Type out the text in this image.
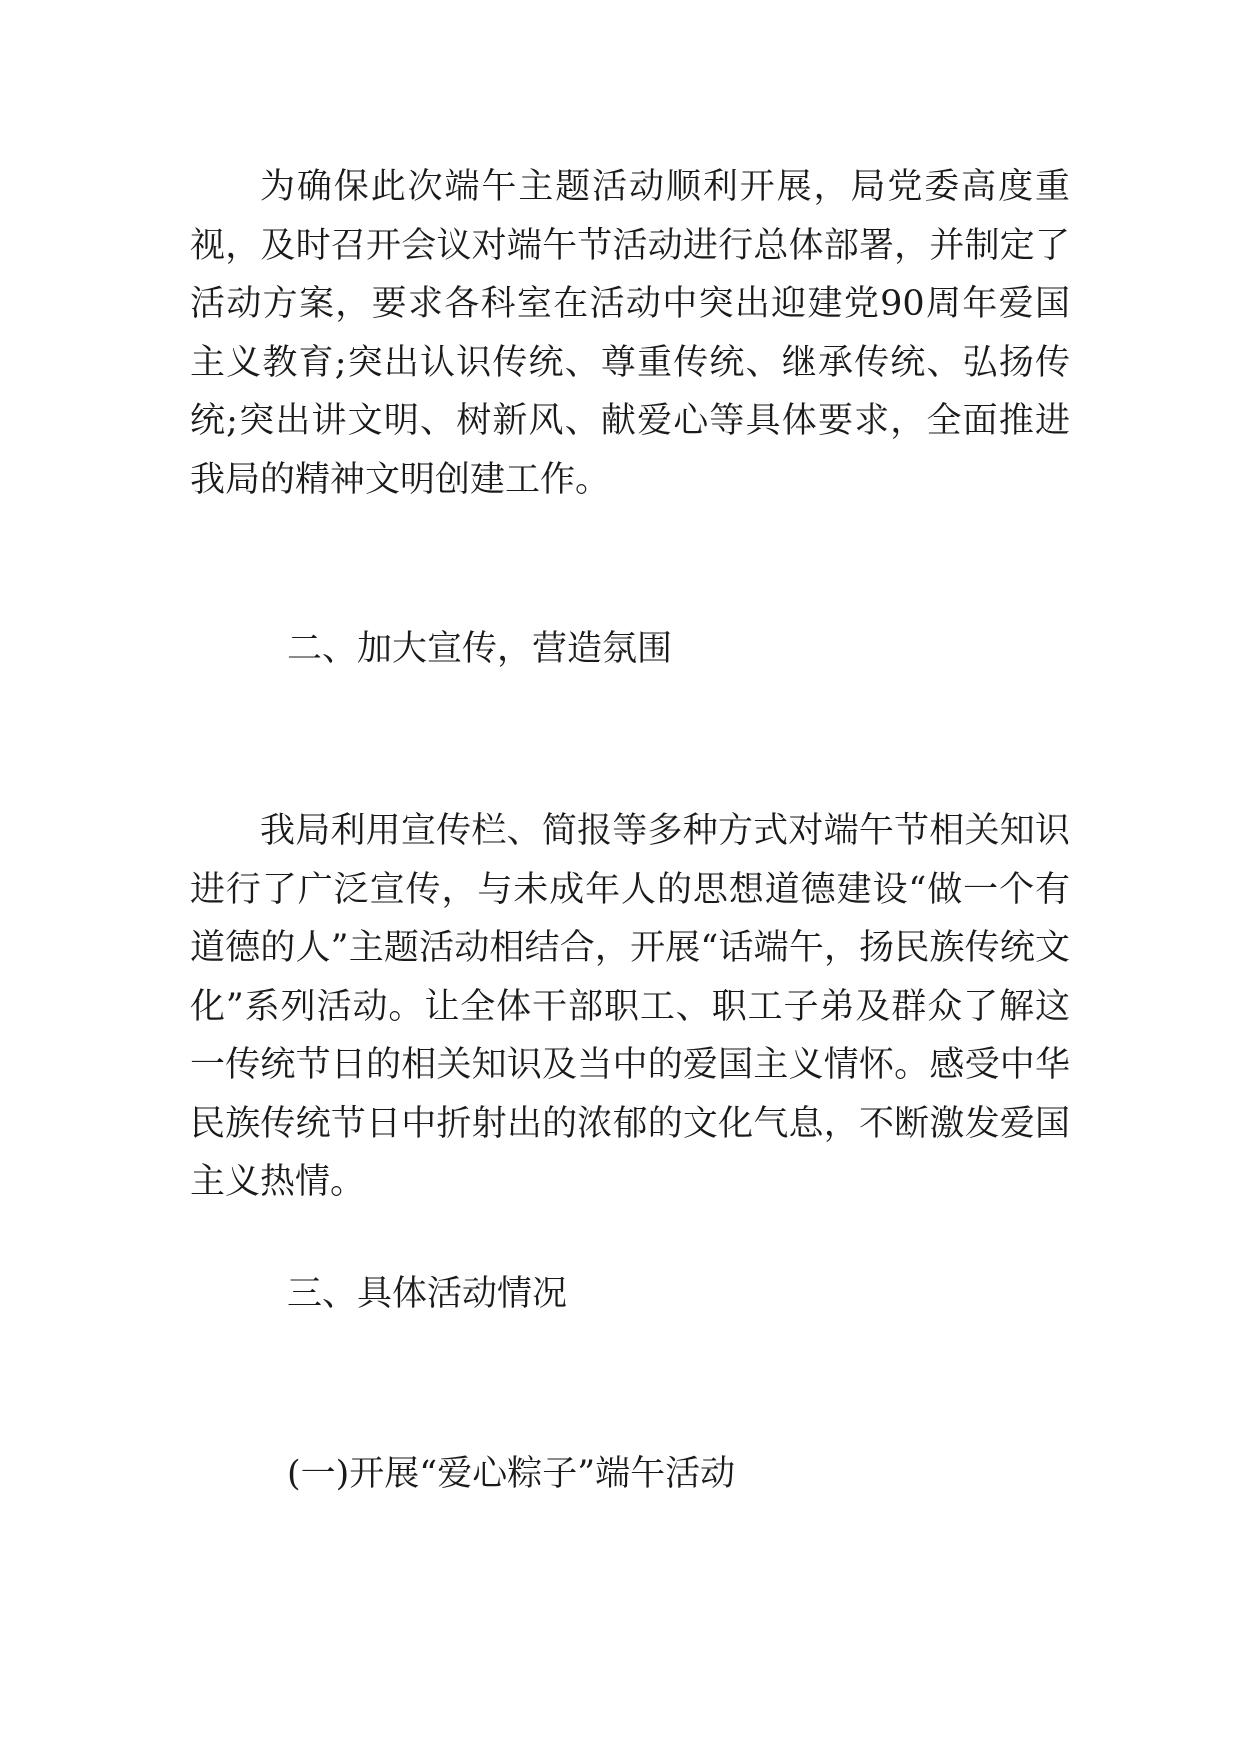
为确保此次端午主题活动顺利开展，局党委高度重视，及时召开会议对端午节活动进行总体部署，并制定了活动方案，要求各科室在活动中突出迎建党90周年爱国主义教育;突出认识传统、尊重传统、继承传统、弘扬传统;突出讲文明、树新风、献爱心等具体要求，全面推进我局的精神文明创建工作。

二、加大宣传，营造氛围

我局利用宣传栏、简报等多种方式对端午节相关知识进行了广泛宣传，与未成年人的思想道德建设“做一个有道德的人”主题活动相结合，开展“话端午，扬民族传统文化”系列活动。让全体干部职工、职工子弟及群众了解这一传统节日的相关知识及当中的爱国主义情怀。感受中华民族传统节日中折射出的浓郁的文化气息，不断激发爱国主义热情。

三、具体活动情况

(一)开展“爱心粽子”端午活动
